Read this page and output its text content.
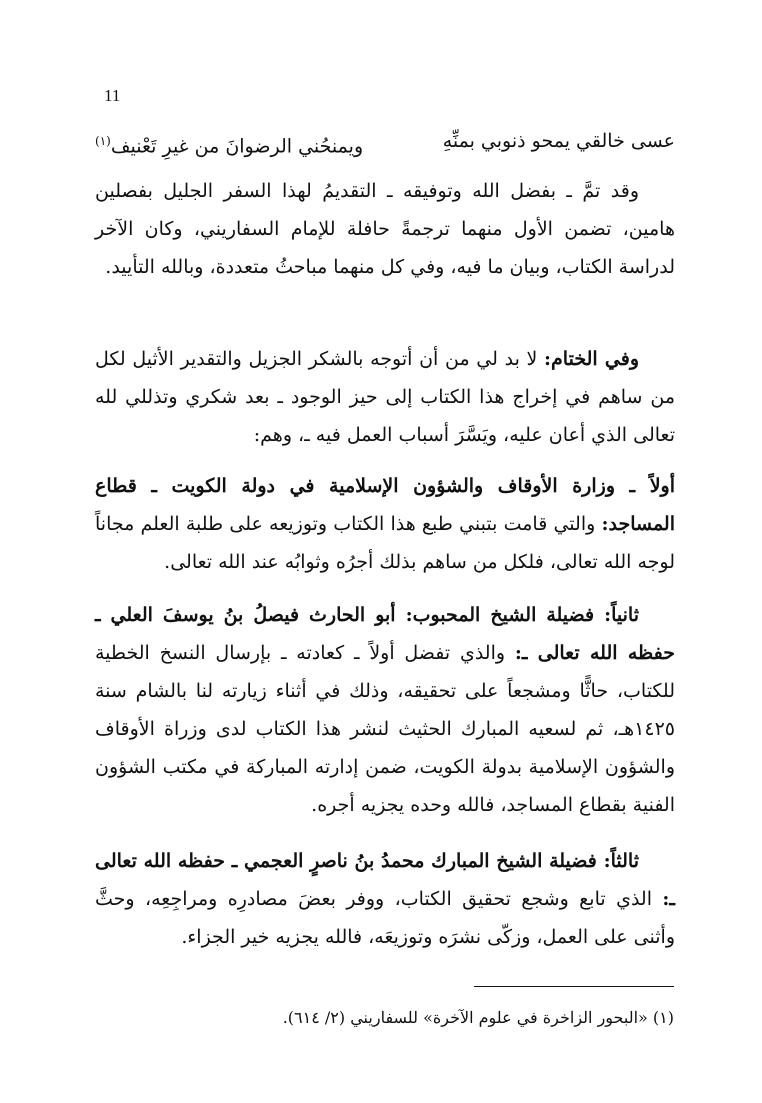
11
عسى خالقي يمحو ذنوبي بمنِّهِ
ويمنحُني الرضوانَ من غيرِ تَعْنيف$^{(١)}$
وقد تمَّ ـ بفضل الله وتوفيقه ـ التقديمُ لهذا السفر الجليل بفصلين هامين، تضمن الأول منهما ترجمةً حافلة للإمام السفاريني، وكان الآخر لدراسة الكتاب، وبيان ما فيه، وفي كل منهما مباحثُ متعددة، وبالله التأييد.
وفي الختام: لا بد لي من أن أتوجه بالشكر الجزيل والتقدير الأثيل لكل من ساهم في إخراج هذا الكتاب إلى حيز الوجود ـ بعد شكري وتذللي لله تعالى الذي أعان عليه، ويَسَّرَ أسباب العمل فيه ـ، وهم:
أولاً ـ وزارة الأوقاف والشؤون الإسلامية في دولة الكويت ـ قطاع المساجد: والتي قامت بتبني طبع هذا الكتاب وتوزيعه على طلبة العلم مجاناً لوجه الله تعالى، فلكل من ساهم بذلك أجرُه وثوابُه عند الله تعالى.
ثانياً: فضيلة الشيخ المحبوب: أبو الحارث فيصلُ بنُ يوسفَ العلي ـ حفظه الله تعالى ـ: والذي تفضل أولاً ـ كعادته ـ بإرسال النسخ الخطية للكتاب، حاثًّا ومشجعاً على تحقيقه، وذلك في أثناء زيارته لنا بالشام سنة ١٤٢٥هـ، ثم لسعيه المبارك الحثيث لنشر هذا الكتاب لدى وزراة الأوقاف والشؤون الإسلامية بدولة الكويت، ضمن إدارته المباركة في مكتب الشؤون الفنية بقطاع المساجد، فالله وحده يجزيه أجره.
ثالثاً: فضيلة الشيخ المبارك محمدُ بنُ ناصرٍ العجمي ـ حفظه الله تعالى ـ: الذي تابع وشجع تحقيق الكتاب، ووفر بعضَ مصادرِه ومراجِعِه، وحثَّ وأثنى على العمل، وزكّى نشرَه وتوزيعَه، فالله يجزيه خير الجزاء.
(١) «البحور الزاخرة في علوم الآخرة» للسفاريني (٢/ ٦١٤).
